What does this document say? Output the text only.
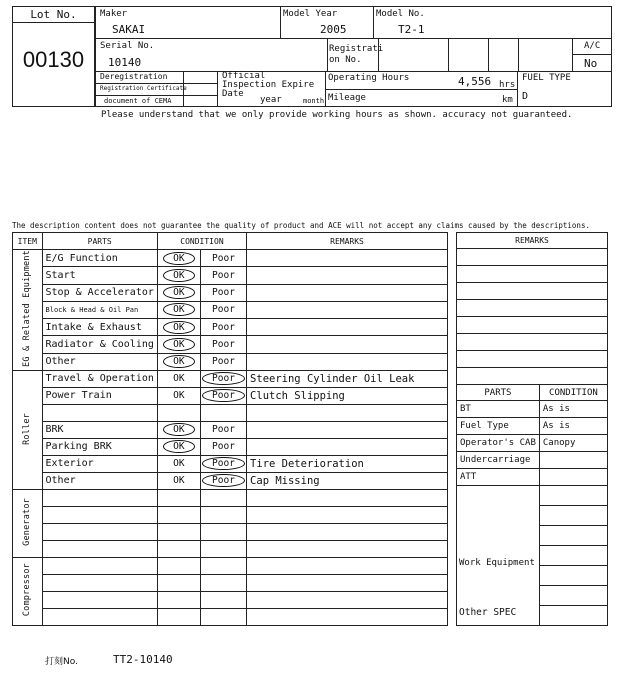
Lot No.
00130
Maker
SAKAI
Model Year
2005
Model No.
T2-1
Serial No.
10140
Registrati on No.
A/C
No
Deregistration
Registration Certificate
document of CEMA
Official Inspection Expire Date
year	month
Operating Hours	4,556 hrs
Mileage	km
FUEL TYPE
D
Please understand that we only provide working hours as shown. accuracy not guaranteed.
The description content does not guarantee the quality of product and ACE will not accept any claims caused by the descriptions.
ITEM	PARTS	CONDITION		REMARKS
EG & Related Equipment	E/G Function	OK	Poor	
	Start	OK	Poor	
	Stop & Accelerator	OK	Poor	
	Block & Head & Oil Pan	OK	Poor	
	Intake & Exhaust	OK	Poor	
	Radiator & Cooling	OK	Poor	
	Other	OK	Poor	
Roller	Travel & Operation	OK	Poor	Steering Cylinder Oil Leak
	Power Train	OK	Poor	Clutch Slipping

	BRK	OK	Poor	
	Parking BRK	OK	Poor	
	Exterior	OK	Poor	Tire Deterioration
	Other	OK	Poor	Cap Missing
Generator				

Compressor				

REMARKS

PARTS	CONDITION
BT	As is
Fuel Type	As is
Operator's CAB	Canopy
Undercarriage	
ATT	

Work Equipment
Other SPEC	

打刻No.	TT2-10140
